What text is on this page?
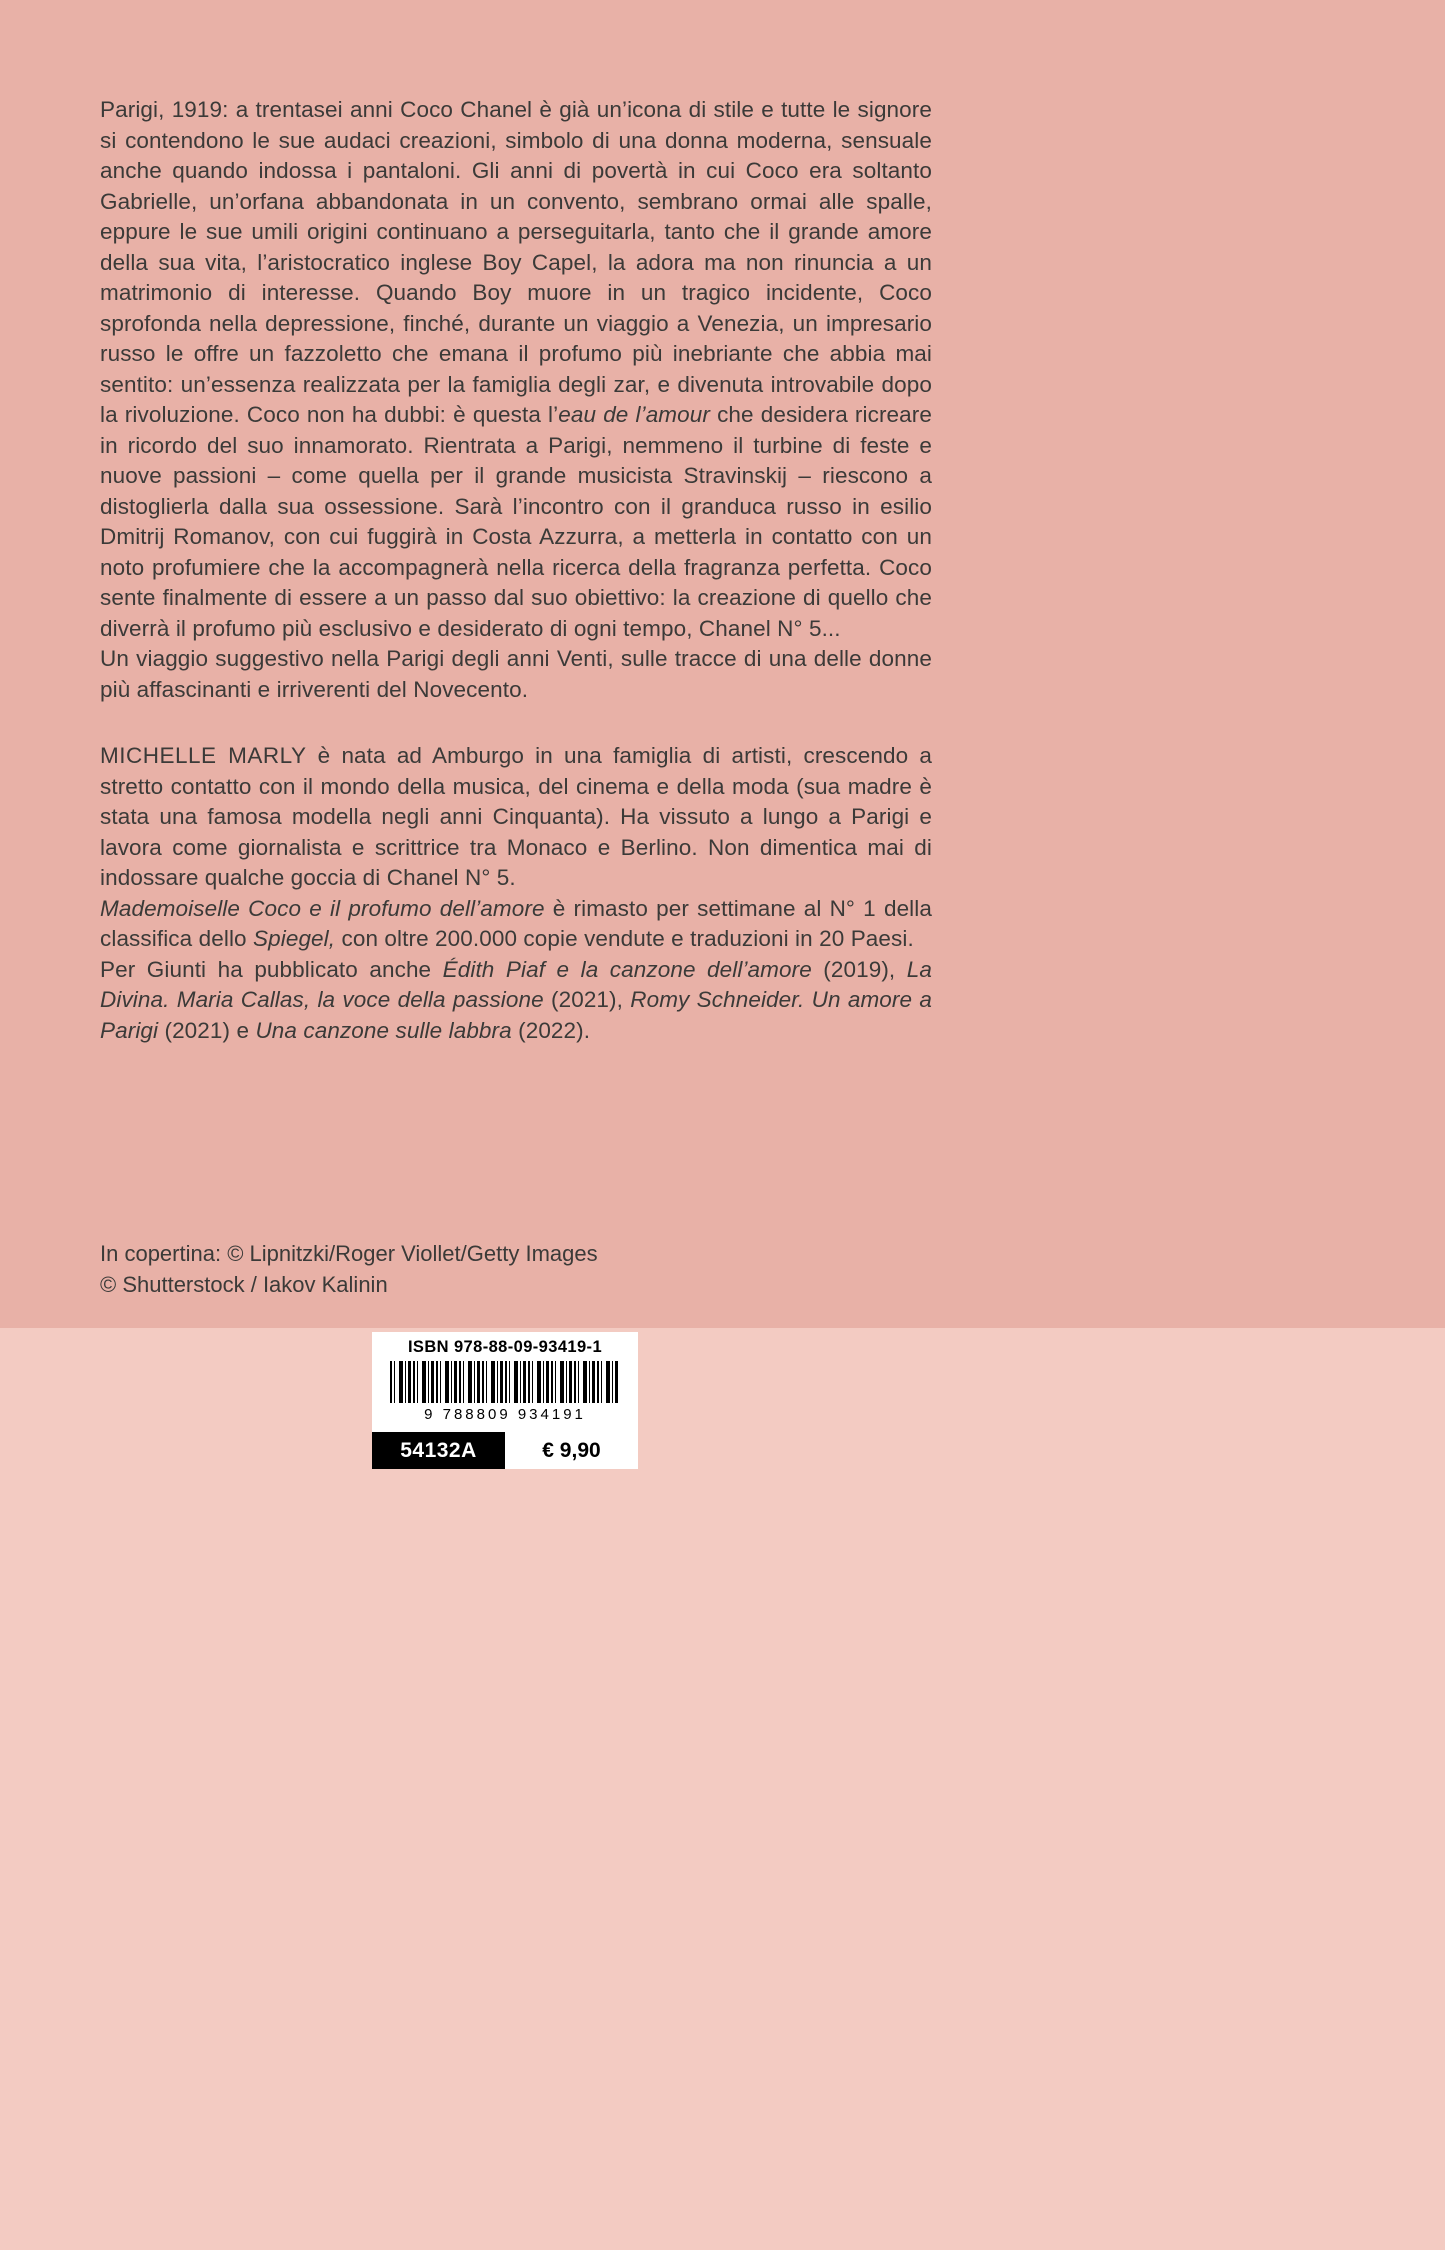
Parigi, 1919: a trentasei anni Coco Chanel è già un’icona di stile e tutte le signore si contendono le sue audaci creazioni, simbolo di una donna moderna, sensuale anche quando indossa i pantaloni. Gli anni di povertà in cui Coco era soltanto Gabrielle, un’orfana abbandonata in un convento, sembrano ormai alle spalle, eppure le sue umili origini continuano a perseguitarla, tanto che il grande amore della sua vita, l’aristocratico inglese Boy Capel, la adora ma non rinuncia a un matrimonio di interesse. Quando Boy muore in un tragico incidente, Coco sprofonda nella depressione, finché, durante un viaggio a Venezia, un impresario russo le offre un fazzoletto che emana il profumo più inebriante che abbia mai sentito: un’essenza realizzata per la famiglia degli zar, e divenuta introvabile dopo la rivoluzione. Coco non ha dubbi: è questa l’eau de l’amour che desidera ricreare in ricordo del suo innamorato. Rientrata a Parigi, nemmeno il turbine di feste e nuove passioni – come quella per il grande musicista Stravinskij – riescono a distoglierla dalla sua ossessione. Sarà l’incontro con il granduca russo in esilio Dmitrij Romanov, con cui fuggirà in Costa Azzurra, a metterla in contatto con un noto profumiere che la accompagnerà nella ricerca della fragranza perfetta. Coco sente finalmente di essere a un passo dal suo obiettivo: la creazione di quello che diverrà il profumo più esclusivo e desiderato di ogni tempo, Chanel N° 5...

Un viaggio suggestivo nella Parigi degli anni Venti, sulle tracce di una delle donne più affascinanti e irriverenti del Novecento.

MICHELLE MARLY è nata ad Amburgo in una famiglia di artisti, crescendo a stretto contatto con il mondo della musica, del cinema e della moda (sua madre è stata una famosa modella negli anni Cinquanta). Ha vissuto a lungo a Parigi e lavora come giornalista e scrittrice tra Monaco e Berlino. Non dimentica mai di indossare qualche goccia di Chanel N° 5.

Mademoiselle Coco e il profumo dell’amore è rimasto per settimane al N° 1 della classifica dello Spiegel, con oltre 200.000 copie vendute e traduzioni in 20 Paesi.

Per Giunti ha pubblicato anche Édith Piaf e la canzone dell’amore (2019), La Divina. Maria Callas, la voce della passione (2021), Romy Schneider. Un amore a Parigi (2021) e Una canzone sulle labbra (2022).

In copertina: © Lipnitzki/Roger Viollet/Getty Images
© Shutterstock / Iakov Kalinin
ISBN 978-88-09-93419-1
9 788809 934191
54132A	€ 9,90
